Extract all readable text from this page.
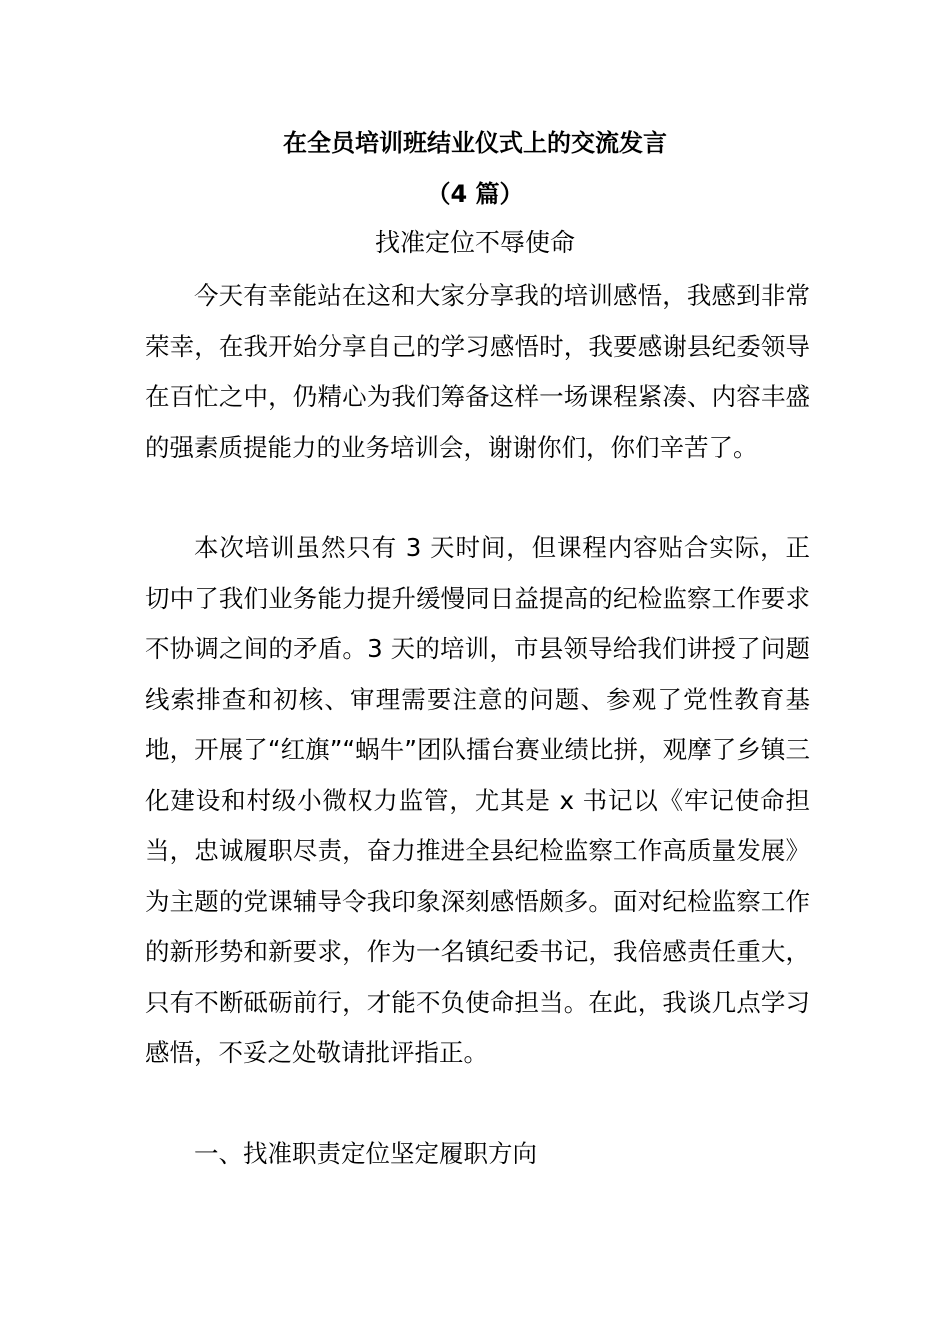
在全员培训班结业仪式上的交流发言
（4 篇）
找准定位不辱使命

今天有幸能站在这和大家分享我的培训感悟，我感到非常荣幸，在我开始分享自己的学习感悟时，我要感谢县纪委领导在百忙之中，仍精心为我们筹备这样一场课程紧凑、内容丰盛的强素质提能力的业务培训会，谢谢你们，你们辛苦了。

本次培训虽然只有 3 天时间，但课程内容贴合实际，正切中了我们业务能力提升缓慢同日益提高的纪检监察工作要求不协调之间的矛盾。3 天的培训，市县领导给我们讲授了问题线索排查和初核、审理需要注意的问题、参观了党性教育基地，开展了“红旗”“蜗牛”团队擂台赛业绩比拼，观摩了乡镇三化建设和村级小微权力监管，尤其是 x 书记以《牢记使命担当，忠诚履职尽责，奋力推进全县纪检监察工作高质量发展》为主题的党课辅导令我印象深刻感悟颇多。面对纪检监察工作的新形势和新要求，作为一名镇纪委书记，我倍感责任重大，只有不断砥砺前行，才能不负使命担当。在此，我谈几点学习感悟，不妥之处敬请批评指正。

一、找准职责定位坚定履职方向
